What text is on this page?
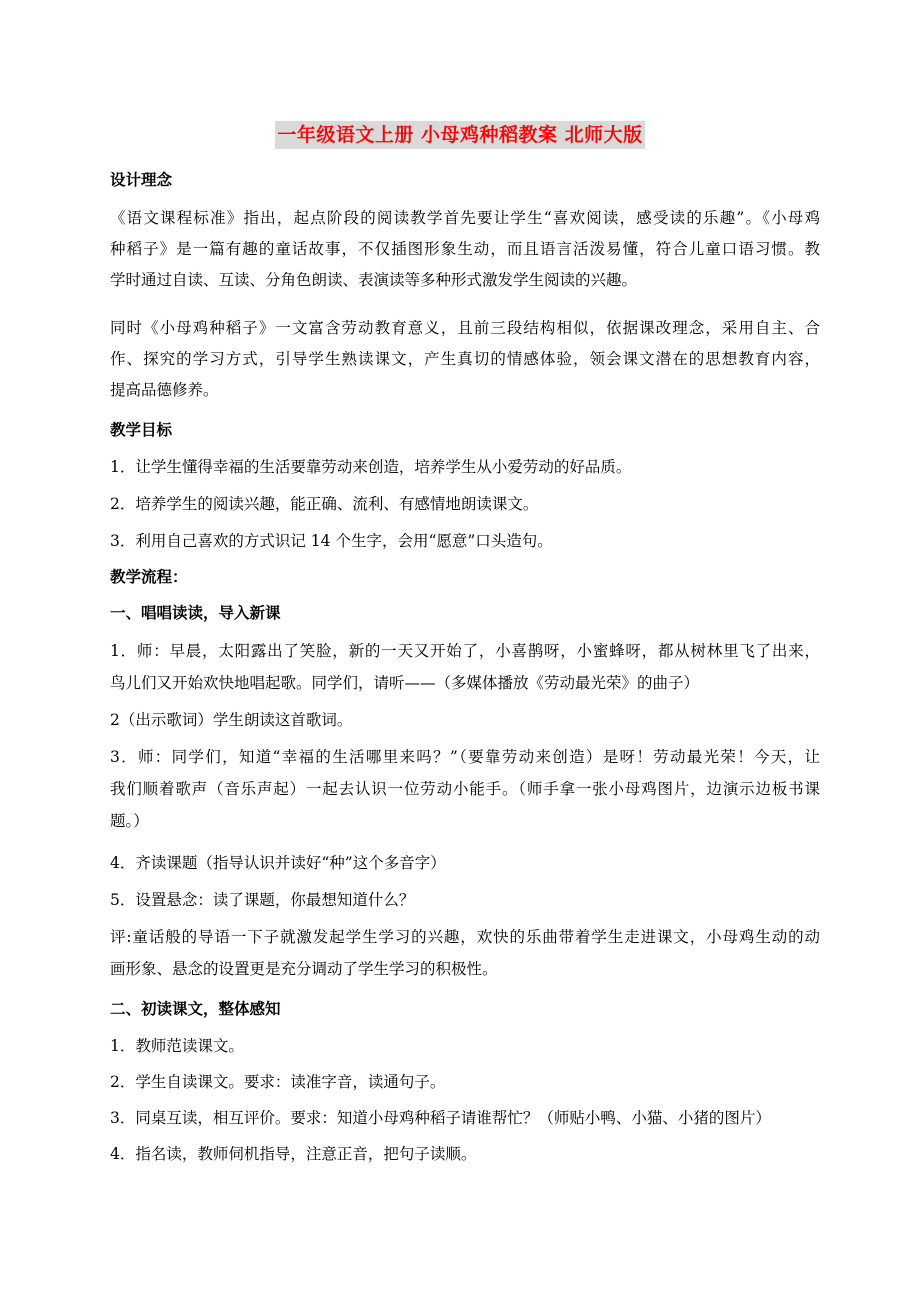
一年级语文上册 小母鸡种稻教案 北师大版
设计理念
《语文课程标准》指出，起点阶段的阅读教学首先要让学生“喜欢阅读，感受读的乐趣”。《小母鸡
种稻子》是一篇有趣的童话故事，不仅插图形象生动，而且语言活泼易懂，符合儿童口语习惯。教
学时通过自读、互读、分角色朗读、表演读等多种形式激发学生阅读的兴趣。
同时《小母鸡种稻子》一文富含劳动教育意义，且前三段结构相似，依据课改理念，采用自主、合
作、探究的学习方式，引导学生熟读课文，产生真切的情感体验，领会课文潜在的思想教育内容，
提高品德修养。
教学目标
1．让学生懂得幸福的生活要靠劳动来创造，培养学生从小爱劳动的好品质。
2．培养学生的阅读兴趣，能正确、流利、有感情地朗读课文。
3．利用自己喜欢的方式识记 14 个生字，会用“愿意”口头造句。
教学流程：
一、唱唱读读，导入新课
1．师：早晨，太阳露出了笑脸，新的一天又开始了，小喜鹊呀，小蜜蜂呀，都从树林里飞了出来，
鸟儿们又开始欢快地唱起歌。同学们，请听——（多媒体播放《劳动最光荣》的曲子）
2（出示歌词）学生朗读这首歌词。
3．师：同学们，知道“幸福的生活哪里来吗？”（要靠劳动来创造）是呀！劳动最光荣！今天，让
我们顺着歌声（音乐声起）一起去认识一位劳动小能手。（师手拿一张小母鸡图片，边演示边板书课
题。）
4．齐读课题（指导认识并读好“种”这个多音字）
5．设置悬念：读了课题，你最想知道什么？
评:童话般的导语一下子就激发起学生学习的兴趣，欢快的乐曲带着学生走进课文，小母鸡生动的动
画形象、悬念的设置更是充分调动了学生学习的积极性。
二、初读课文，整体感知
1．教师范读课文。
2．学生自读课文。要求：读准字音，读通句子。
3．同桌互读，相互评价。要求：知道小母鸡种稻子请谁帮忙？（师贴小鸭、小猫、小猪的图片）
4．指名读，教师伺机指导，注意正音，把句子读顺。
